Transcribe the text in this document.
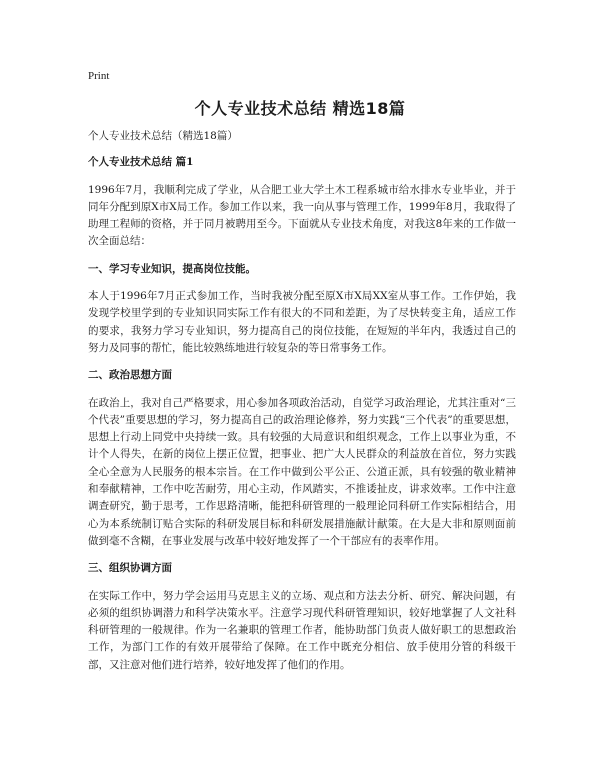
Print
个人专业技术总结 精选18篇
个人专业技术总结（精选18篇）
个人专业技术总结 篇1
1996年7月，我顺利完成了学业，从合肥工业大学土木工程系城市给水排水专业毕业，并于同年分配到原X市X局工作。参加工作以来，我一向从事与管理工作，1999年8月，我取得了助理工程师的资格，并于同月被聘用至今。下面就从专业技术角度，对我这8年来的工作做一次全面总结：
一、学习专业知识，提高岗位技能。
本人于1996年7月正式参加工作，当时我被分配至原X市X局XX室从事工作。工作伊始，我发现学校里学到的专业知识同实际工作有很大的不同和差距，为了尽快转变主角，适应工作的要求，我努力学习专业知识，努力提高自己的岗位技能，在短短的半年内，我透过自己的努力及同事的帮忙，能比较熟练地进行较复杂的等日常事务工作。
二、政治思想方面
在政治上，我对自己严格要求，用心参加各项政治活动，自觉学习政治理论，尤其注重对“三个代表”重要思想的学习，努力提高自己的政治理论修养，努力实践“三个代表”的重要思想，思想上行动上同党中央持续一致。具有较强的大局意识和组织观念，工作上以事业为重，不计个人得失，在新的岗位上摆正位置，把事业、把广大人民群众的利益放在首位，努力实践全心全意为人民服务的根本宗旨。在工作中做到公平公正、公道正派，具有较强的敬业精神和奉献精神，工作中吃苦耐劳，用心主动，作风踏实，不推诿扯皮，讲求效率。工作中注意调查研究，勤于思考，工作思路清晰，能把科研管理的一般理论同科研工作实际相结合，用心为本系统制订贴合实际的科研发展目标和科研发展措施献计献策。在大是大非和原则面前做到毫不含糊，在事业发展与改革中较好地发挥了一个干部应有的表率作用。
三、组织协调方面
在实际工作中，努力学会运用马克思主义的立场、观点和方法去分析、研究、解决问题，有必须的组织协调潜力和科学决策水平。注意学习现代科研管理知识，较好地掌握了人文社科科研管理的一般规律。作为一名兼职的管理工作者，能协助部门负责人做好职工的思想政治工作，为部门工作的有效开展带给了保障。在工作中既充分相信、放手使用分管的科级干部，又注意对他们进行培养，较好地发挥了他们的作用。
